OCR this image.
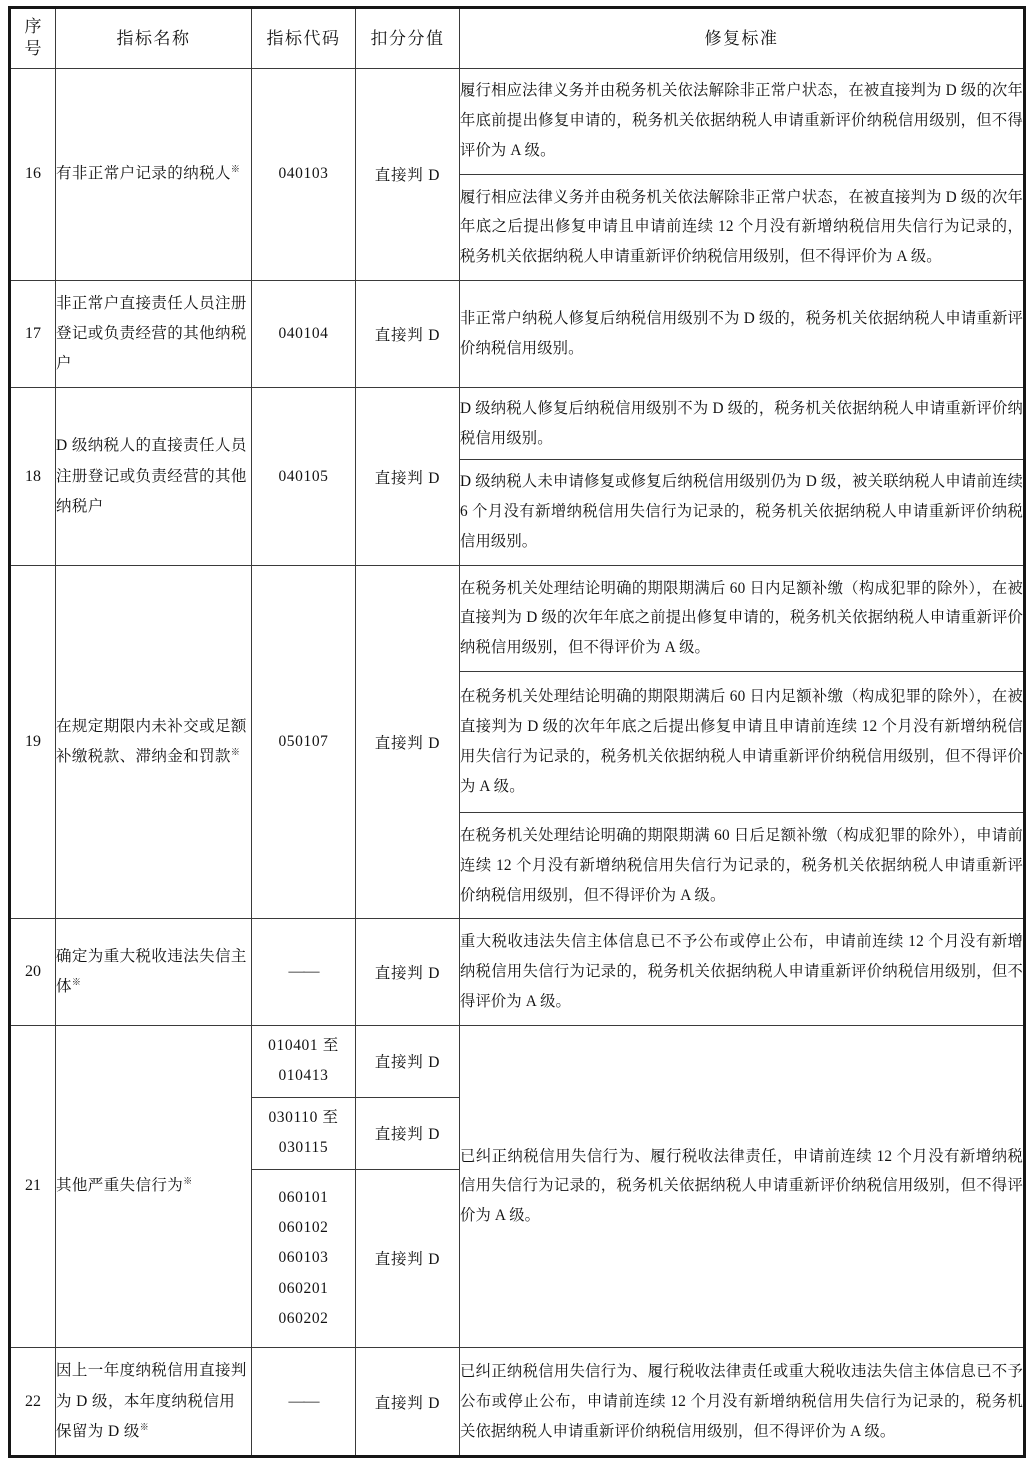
序
号	指标名称	指标代码	扣分分值	修复标准
16	有非正常户记录的纳税人※	040103	直接判 D	履行相应法律义务并由税务机关依法解除非正常户状态，在被直接判为 D 级的次年年底前提出修复申请的，税务机关依据纳税人申请重新评价纳税信用级别，但不得评价为 A 级。

				履行相应法律义务并由税务机关依法解除非正常户状态，在被直接判为 D 级的次年年底之后提出修复申请且申请前连续 12 个月没有新增纳税信用失信行为记录的，税务机关依据纳税人申请重新评价纳税信用级别，但不得评价为 A 级。

17	非正常户直接责任人员注册登记或负责经营的其他纳税户	040104	直接判 D	非正常户纳税人修复后纳税信用级别不为 D 级的，税务机关依据纳税人申请重新评价纳税信用级别。

18	D 级纳税人的直接责任人员注册登记或负责经营的其他纳税户	040105	直接判 D	D 级纳税人修复后纳税信用级别不为 D 级的，税务机关依据纳税人申请重新评价纳税信用级别。

				D 级纳税人未申请修复或修复后纳税信用级别仍为 D 级，被关联纳税人申请前连续 6 个月没有新增纳税信用失信行为记录的，税务机关依据纳税人申请重新评价纳税信用级别。

19	在规定期限内未补交或足额补缴税款、滞纳金和罚款※	050107	直接判 D	在税务机关处理结论明确的期限期满后 60 日内足额补缴（构成犯罪的除外），在被直接判为 D 级的次年年底之前提出修复申请的，税务机关依据纳税人申请重新评价纳税信用级别，但不得评价为 A 级。

				在税务机关处理结论明确的期限期满后 60 日内足额补缴（构成犯罪的除外），在被直接判为 D 级的次年年底之后提出修复申请且申请前连续 12 个月没有新增纳税信用失信行为记录的，税务机关依据纳税人申请重新评价纳税信用级别，但不得评价为 A 级。

				在税务机关处理结论明确的期限期满 60 日后足额补缴（构成犯罪的除外），申请前连续 12 个月没有新增纳税信用失信行为记录的，税务机关依据纳税人申请重新评价纳税信用级别，但不得评价为 A 级。

20	确定为重大税收违法失信主体※	——	直接判 D	重大税收违法失信主体信息已不予公布或停止公布，申请前连续 12 个月没有新增纳税信用失信行为记录的，税务机关依据纳税人申请重新评价纳税信用级别，但不得评价为 A 级。

21	其他严重失信行为※	010401 至
010413	直接判 D	已纠正纳税信用失信行为、履行税收法律责任，申请前连续 12 个月没有新增纳税信用失信行为记录的，税务机关依据纳税人申请重新评价纳税信用级别，但不得评价为 A 级。

		030110 至
030115	直接判 D	

		060101
060102
060103
060201
060202	直接判 D	
22	因上一年度纳税信用直接判为 D 级，本年度纳税信用保留为 D 级※	——	直接判 D	已纠正纳税信用失信行为、履行税收法律责任或重大税收违法失信主体信息已不予公布或停止公布，申请前连续 12 个月没有新增纳税信用失信行为记录的，税务机关依据纳税人申请重新评价纳税信用级别，但不得评价为 A 级。
